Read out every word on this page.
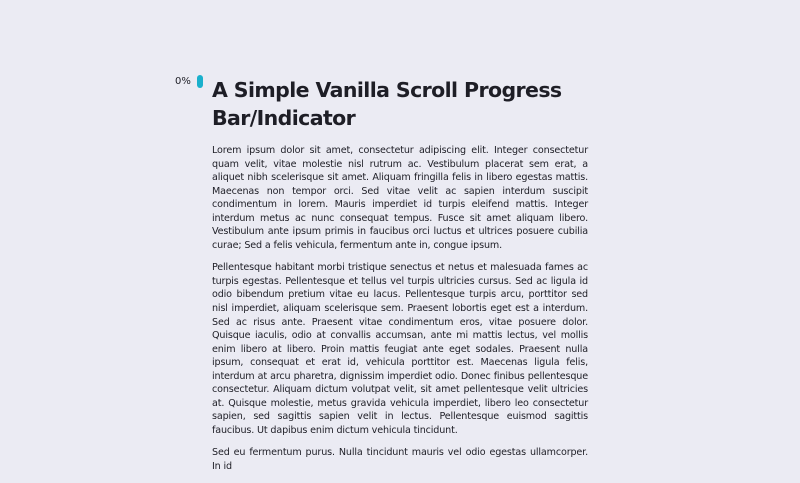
0% A Simple Vanilla Scroll Progress Bar/Indicator

Lorem ipsum dolor sit amet, consectetur adipiscing elit. Integer consectetur quam velit, vitae molestie nisl rutrum ac. Vestibulum placerat sem erat, a aliquet nibh scelerisque sit amet. Aliquam fringilla felis in libero egestas mattis. Maecenas non tempor orci. Sed vitae velit ac sapien interdum suscipit condimentum in lorem. Mauris imperdiet id turpis eleifend mattis. Integer interdum metus ac nunc consequat tempus. Fusce sit amet aliquam libero. Vestibulum ante ipsum primis in faucibus orci luctus et ultrices posuere cubilia curae; Sed a felis vehicula, fermentum ante in, congue ipsum.

Pellentesque habitant morbi tristique senectus et netus et malesuada fames ac turpis egestas. Pellentesque et tellus vel turpis ultricies cursus. Sed ac ligula id odio bibendum pretium vitae eu lacus. Pellentesque turpis arcu, porttitor sed nisl imperdiet, aliquam scelerisque sem. Praesent lobortis eget est a interdum. Sed ac risus ante. Praesent vitae condimentum eros, vitae posuere dolor. Quisque iaculis, odio at convallis accumsan, ante mi mattis lectus, vel mollis enim libero at libero. Proin mattis feugiat ante eget sodales. Praesent nulla ipsum, consequat et erat id, vehicula porttitor est. Maecenas ligula felis, interdum at arcu pharetra, dignissim imperdiet odio. Donec finibus pellentesque consectetur. Aliquam dictum volutpat velit, sit amet pellentesque velit ultricies at. Quisque molestie, metus gravida vehicula imperdiet, libero leo consectetur sapien, sed sagittis sapien velit in lectus. Pellentesque euismod sagittis faucibus. Ut dapibus enim dictum vehicula tincidunt.

Sed eu fermentum purus. Nulla tincidunt mauris vel odio egestas ullamcorper. In id
